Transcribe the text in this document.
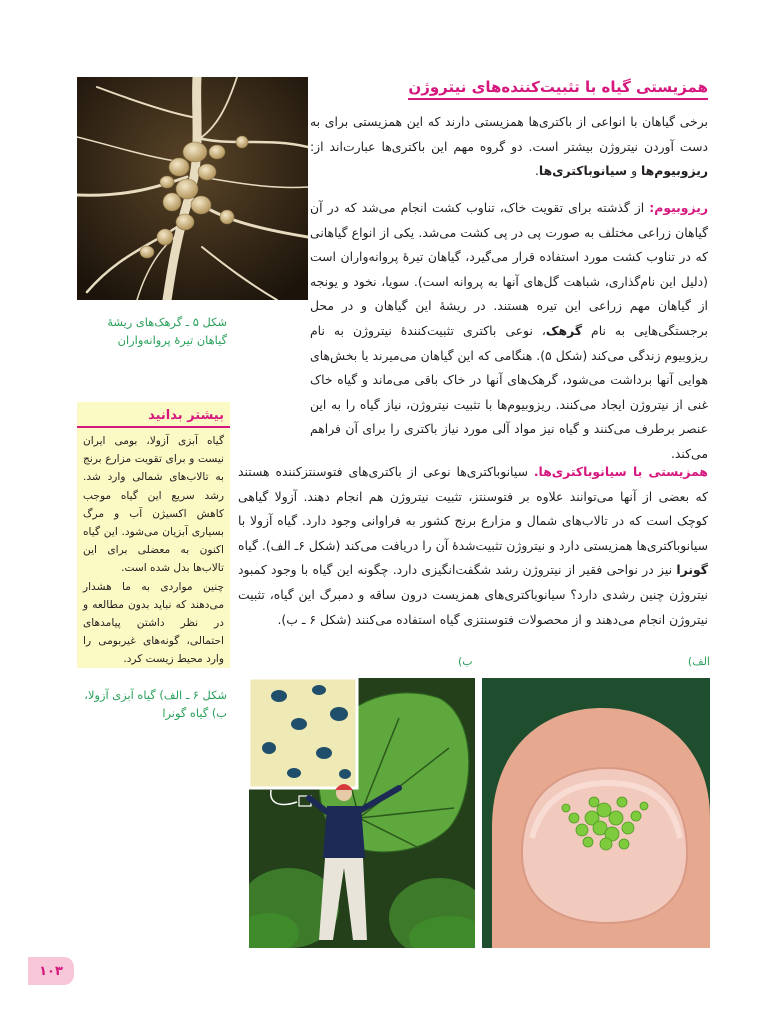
همزیستی گیاه با تثبیت‌کننده‌های نیتروژن
شکل ۵ ـ گرهک‌های ریشهٔ گیاهان تیرهٔ پروانه‌واران

برخی گیاهان با انواعی از باکتری‌ها همزیستی دارند که این همزیستی برای به دست آوردن نیتروژن بیشتر است. دو گروه مهم این باکتری‌ها عبارت‌اند از: ریزوبیوم‌ها و سیانوباکتری‌ها.

ریزوبیوم: از گذشته برای تقویت خاک، تناوب کشت انجام می‌شد که در آن گیاهان زراعی مختلف به صورت پی در پی کشت می‌شد. یکی از انواع گیاهانی که در تناوب کشت مورد استفاده قرار می‌گیرد، گیاهان تیرهٔ پروانه‌واران است (دلیل این نام‌گذاری، شباهت گل‌های آنها به پروانه است). سویا، نخود و یونجه از گیاهان مهم زراعی این تیره هستند. در ریشهٔ این گیاهان و در محل برجستگی‌هایی به نام گرهک، نوعی باکتری تثبیت‌کنندهٔ نیتروژن به نام ریزوبیوم زندگی می‌کند (شکل ۵). هنگامی که این گیاهان می‌میرند یا بخش‌های هوایی آنها برداشت می‌شود، گرهک‌های آنها در خاک باقی می‌ماند و گیاه خاک غنی از نیتروژن ایجاد می‌کنند. ریزوبیوم‌ها با تثبیت نیتروژن، نیاز گیاه را به این عنصر برطرف می‌کنند و گیاه نیز مواد آلی مورد نیاز باکتری را برای آن فراهم می‌کند.

بیشتر بدانید
گیاه آبزی آزولا، بومی ایران نیست و برای تقویت مزارع برنج به تالاب‌های شمالی وارد شد. رشد سریع این گیاه موجب کاهش اکسیژن آب و مرگ بسیاری آبزیان می‌شود. این گیاه اکنون به معضلی برای این تالاب‌ها بدل شده است.
چنین مواردی به ما هشدار می‌دهند که نباید بدون مطالعه و در نظر داشتن پیامدهای احتمالی، گونه‌های غیربومی را وارد محیط زیست کرد.

همزیستی با سیانوباکتری‌ها. سیانوباکتری‌ها نوعی از باکتری‌های فتوسنتزکننده هستند که بعضی از آنها می‌توانند علاوه بر فتوسنتز، تثبیت نیتروژن هم انجام دهند. آزولا گیاهی کوچک است که در تالاب‌های شمال و مزارع برنج کشور به فراوانی وجود دارد. گیاه آزولا با سیانوباکتری‌ها همزیستی دارد و نیتروژن تثبیت‌شدهٔ آن را دریافت می‌کند (شکل ۶ـ الف). گیاه گونرا نیز در نواحی فقیر از نیتروژن رشد شگفت‌انگیزی دارد. چگونه این گیاه با وجود کمبود نیتروژن چنین رشدی دارد؟ سیانوباکتری‌های همزیست درون ساقه و دمبرگ این گیاه، تثبیت نیتروژن انجام می‌دهند و از محصولات فتوسنتزی گیاه استفاده می‌کنند (شکل ۶ ـ ب).

شکل ۶ ـ الف) گیاه آبزی آزولا، ب) گیاه گونرا
الف)
ب)
۱۰۳
